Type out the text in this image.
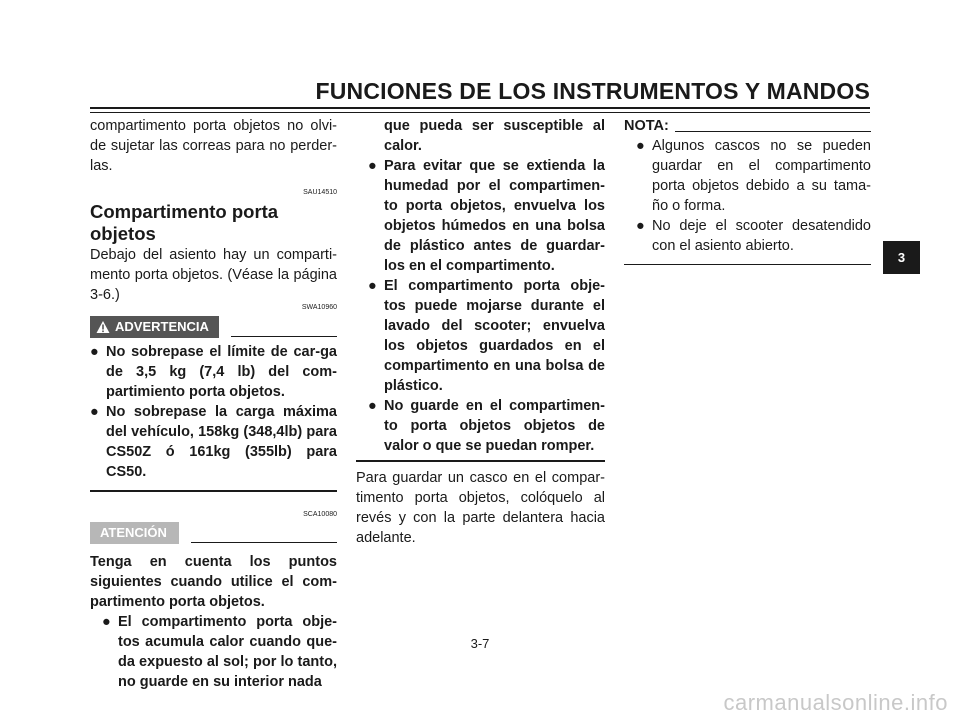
FUNCIONES DE LOS INSTRUMENTOS Y MANDOS
3

compartimento porta objetos no olvi-de sujetar las correas para no perder-las.

SAU14510
Compartimento porta objetos

Debajo del asiento hay un comparti-mento porta objetos. (Véase la página 3-6.)

SWA10960
ADVERTENCIA
● No sobrepase el límite de car-ga de 3,5 kg (7,4 lb) del com-partimiento porta objetos.
● No sobrepase la carga máxima del vehículo, 158kg (348,4lb) para CS50Z ó 161kg (355lb) para CS50.
SCA10080
ATENCIÓN

Tenga en cuenta los puntos siguientes cuando utilice el com-partimento porta objetos.

● El compartimento porta obje-tos acumula calor cuando que-da expuesto al sol; por lo tanto, no guarde en su interior nada

que pueda ser susceptible al calor.

● Para evitar que se extienda la humedad por el compartimen-to porta objetos, envuelva los objetos húmedos en una bolsa de plástico antes de guardar-los en el compartimento.
● El compartimento porta obje-tos puede mojarse durante el lavado del scooter; envuelva los objetos guardados en el compartimento en una bolsa de plástico.
● No guarde en el compartimen-to porta objetos objetos de valor o que se puedan romper.

Para guardar un casco en el compar-timento porta objetos, colóquelo al revés y con la parte delantera hacia adelante.

NOTA:
● Algunos cascos no se pueden guardar en el compartimento porta objetos debido a su tama-ño o forma.
● No deje el scooter desatendido con el asiento abierto.
3-7
carmanualsonline.info
